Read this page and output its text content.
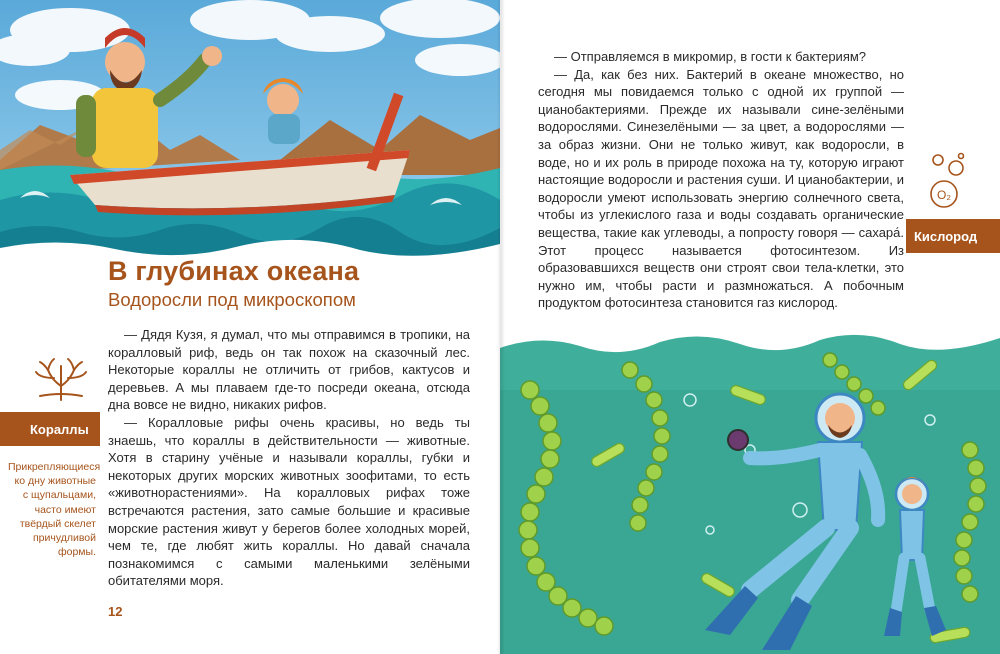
В глубинах океана
Водоросли под микроскопом

— Дядя Кузя, я думал, что мы отправимся в тропики, на коралловый риф, ведь он так похож на сказочный лес. Некоторые кораллы не отличить от грибов, кактусов и деревьев. А мы плаваем где-то посреди океана, отсюда дна вовсе не видно, никаких рифов.

— Коралловые рифы очень красивы, но ведь ты знаешь, что кораллы в действительности — животные. Хотя в старину учёные и называли кораллы, губки и некоторых других морских животных зоофитами, то есть «животнорастениями». На коралловых рифах тоже встречаются растения, зато самые большие и красивые морские растения живут у берегов более холодных морей, чем те, где любят жить кораллы. Но давай сначала познакомимся с самыми маленькими зелёными обитателями моря.

Кораллы
Прикрепляющиеся ко дну животные с щупальцами, часто имеют твёрдый скелет причудливой формы.
12

— Отправляемся в микромир, в гости к бактериям?

— Да, как без них. Бактерий в океане множество, но сегодня мы повидаемся только с одной их группой — цианобактериями. Прежде их называли сине-зелёными водорослями. Синезелёными — за цвет, а водорослями — за образ жизни. Они не только живут, как водоросли, в воде, но и их роль в природе похожа на ту, которую играют настоящие водоросли и растения суши. И цианобактерии, и водоросли умеют использовать энергию солнечного света, чтобы из углекислого газа и воды создавать органические вещества, такие как углеводы, а попросту говоря — сахара́. Этот процесс называется фотосинтезом. Из образовавшихся веществ они строят свои тела-клетки, это нужно им, чтобы расти и размножаться. А побочным продуктом фотосинтеза становится газ кислород.

O₂
Кислород
